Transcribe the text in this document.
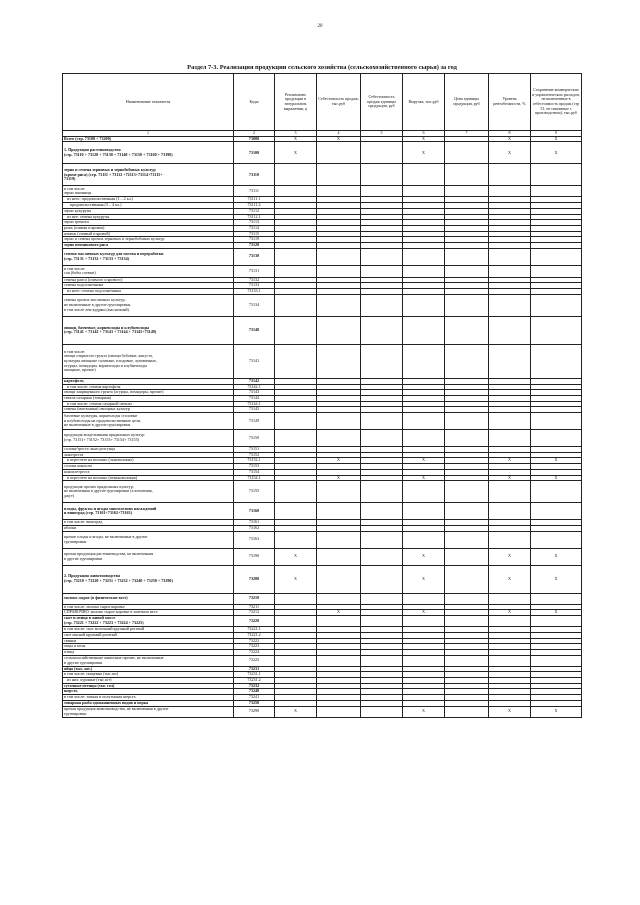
20
Раздел 7-3. Реализация продукции сельского хозяйства (сельскохозяйственного сырья) за год
Наименование показателя	Коды	Реализовано продукции в натуральном выражении, ц	Себестоимость продаж, тыс.руб	Себестоимость продаж единицы продукции, руб	Выручка, тыс.руб	Цена единицы продукции, руб	Уровень рентабельности, %	Сохранение коммерческих и управленческих расходов, не включенные в себестоимость продаж (стр 51, не связанные с производством), тыс.руб	
1	2	3	4	5	6	7	8	9	
Всего (стр. 73100 + 73200)	73000	X	X		X		X	X	
1. Продукция растениеводства
(стр. 73110 + 73120 + 73130 + 73140 + 73150 + 73160 + 73190)	73100	X			X		X	X	
зерно и семена зерновых и зернобобовых культур
(кроме риса) (стр. 73111 + 73112 +72113+73114+73115+
73119)	73110								
в том числе:
зерно пшеницы	73111								
из него: продовольственная (1 – 2 кл.)	73111.1								
продовольственная (3 – 4 кл.)	73111.2								
зерно кукурузы	73112								
из нее: семена кукурузы	73112.1								
зерно гречихи	73113								
рожь (озимая и яровая)	73114								
ячмень (озимый и яровой)	73115								
зерно и семена прочих зерновых и зернобобовых культур	73119								
зерно венчикового риса	73120								
семена масличных культур для посева и переработки
(стр. 73131 + 73132 + 73133 + 73134)	73130								
в том числе:
соя (бобы соевые)	73131								
семена рапса (озимого и ярового)	73132								
семена подсолнечника	73133								
из него: семена подсолнечника	73133.1								
семена прочих масличных культур,
не включенные в другие группировки,
в том числе лен-кудряш (масличный)	73134								
овощи, бахчевые, корнеплоды и клубнеплоды
(стр. 73141 + 73142 + 73143 + 73144 + 73145+73149)	73140								
в том числе:
овощи открытого грунта (овощи бобовые, капуста,
культуры овощные салатные, плодовые, луковичные,
огурцы, помидоры, корнеплоды и клубнеплоды
овощные, прочие)	73141								
картофель	73142								
в том числе: семена картофеля	73142.1								
овощи защищенного грунта (огурцы, помидоры, прочие)	73143								
свекла сахарная (товарная)	73144								
в том числе: семена сахарной свеклы	73144.1								
семена (маточники) овощных культур	73145								
бахчевые культуры, корнеплоды столовые
и клубнеплоды на продовольственные цели,
не включенные в другие группировки	73149								
продукция возделывания прядильных культур
(стр. 73151+ 73152+ 73153+ 73154+ 73155)	73150								
солома/треста льна-долгунца	73151								
льнотреста	73152								
в пересчете на волокно (льноволокно)	73152.1		X		X		X	X	
солома конопли	73153								
коноплетреста	73154								
в пересчете на волокно (пеньковолокно)	73154.1		X		X		X	X	
продукция прочих прядильных культур,
не включенная в другие группировки (хлопчатник,
джут)	73155								
плоды, фрукты и ягоды многолетних насаждений
и виноград (стр. 73161+73162+73163)	73160								
в том числе: виноград	73161								
яблоки	73162								
прочие плоды и ягоды, не включенные в другие
группировки	73163								
прочая продукция растениеводства, не включенная
в другие группировки	73190	X			X		X	X	
2. Продукция животноводства
(стр. 73210 + 73220 + 73231 + 73232 + 73240 + 73250 + 73290)	73200	X			X		X	X	
молоко сырое (в физическом весе)	73210								
в том числе: молоко сырое коровье	73211								
СПРАВОЧНО: молоко сырое коровье в зачетном весе	73212		X		X		X	X	
скот и птица в живой массе
(стр. 73221 + 73222 + 73223 + 73224 + 73225)	73220								
в том числе: скот молочный крупный рогатый	73221.1								
скот мясной крупный рогатый	73221.2								
свиньи	73222								
овцы и козы	73223								
птица	73224								
сельскохозяйственные животные прочие, не включенные
в другие группировки	73225								
яйца (тыс. шт.)	73231								
в том числе: пищевые (тыс.шт)	73231.1								
из них: куриные (тыс.шт)	73231.2								
суточные птенцы (тыс гол)	73232								
шерсть	73240								
в том числе: тонкая и полутонкая шерсть	73241								
товарная рыба одомашненных видов и нерка	73250								
прочая продукция животноводства, не включенная в другие
группировки	73290	X			X		X	X	
